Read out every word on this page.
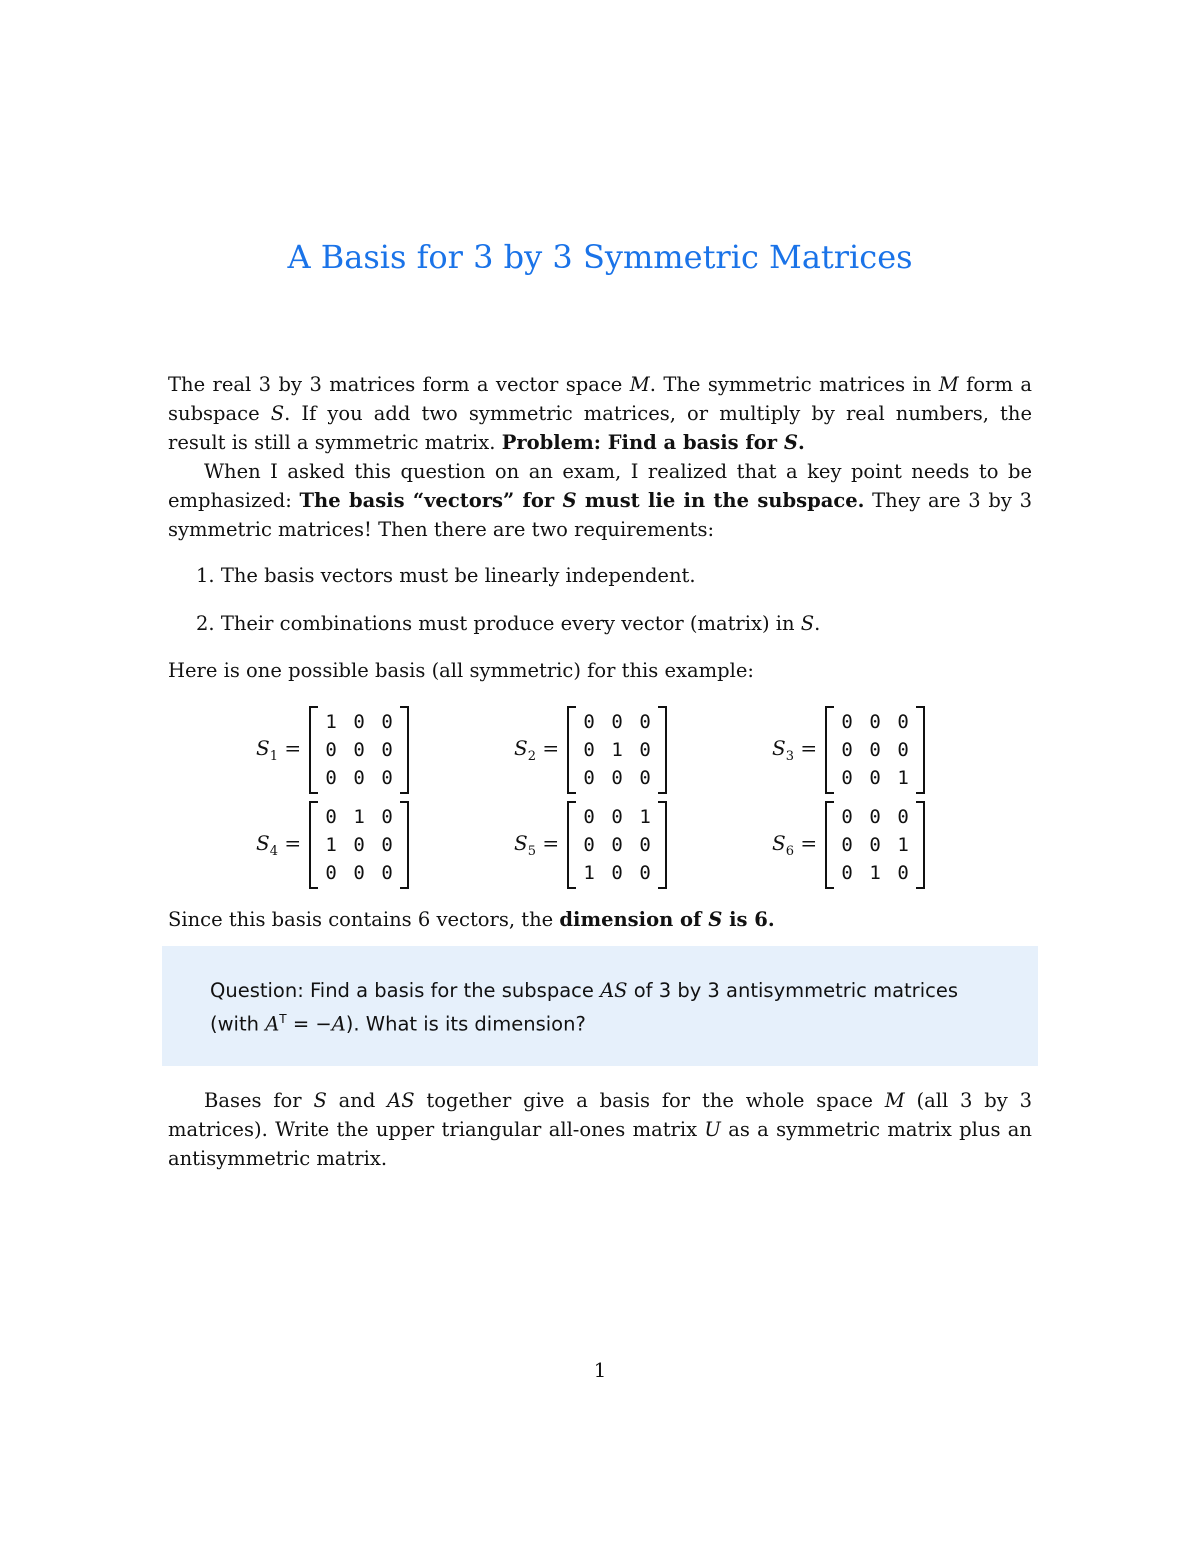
A Basis for 3 by 3 Symmetric Matrices

The real 3 by 3 matrices form a vector space M. The symmetric matrices in M form a subspace S. If you add two symmetric matrices, or multiply by real numbers, the result is still a symmetric matrix. Problem: Find a basis for S.

When I asked this question on an exam, I realized that a key point needs to be emphasized: The basis “vectors” for S must lie in the subspace. They are 3 by 3 symmetric matrices! Then there are two requirements:

1. The basis vectors must be linearly independent.

2. Their combinations must produce every vector (matrix) in S.

Here is one possible basis (all symmetric) for this example:

$S_1$ =
1 0 0
0 0 0
0 0 0
$S_2$ =
0 0 0
0 1 0
0 0 0
$S_3$ =
0 0 0
0 0 0
0 0 1
$S_4$ =
0 1 0
1 0 0
0 0 0
$S_5$ =
0 0 1
0 0 0
1 0 0
$S_6$ =
0 0 0
0 0 1
0 1 0

Since this basis contains 6 vectors, the dimension of S is 6.

Question: Find a basis for the subspace AS of 3 by 3 antisymmetric matrices (with $A^T = -A$). What is its dimension?

Bases for S and AS together give a basis for the whole space M (all 3 by 3 matrices). Write the upper triangular all-ones matrix U as a symmetric matrix plus an antisymmetric matrix.

1
